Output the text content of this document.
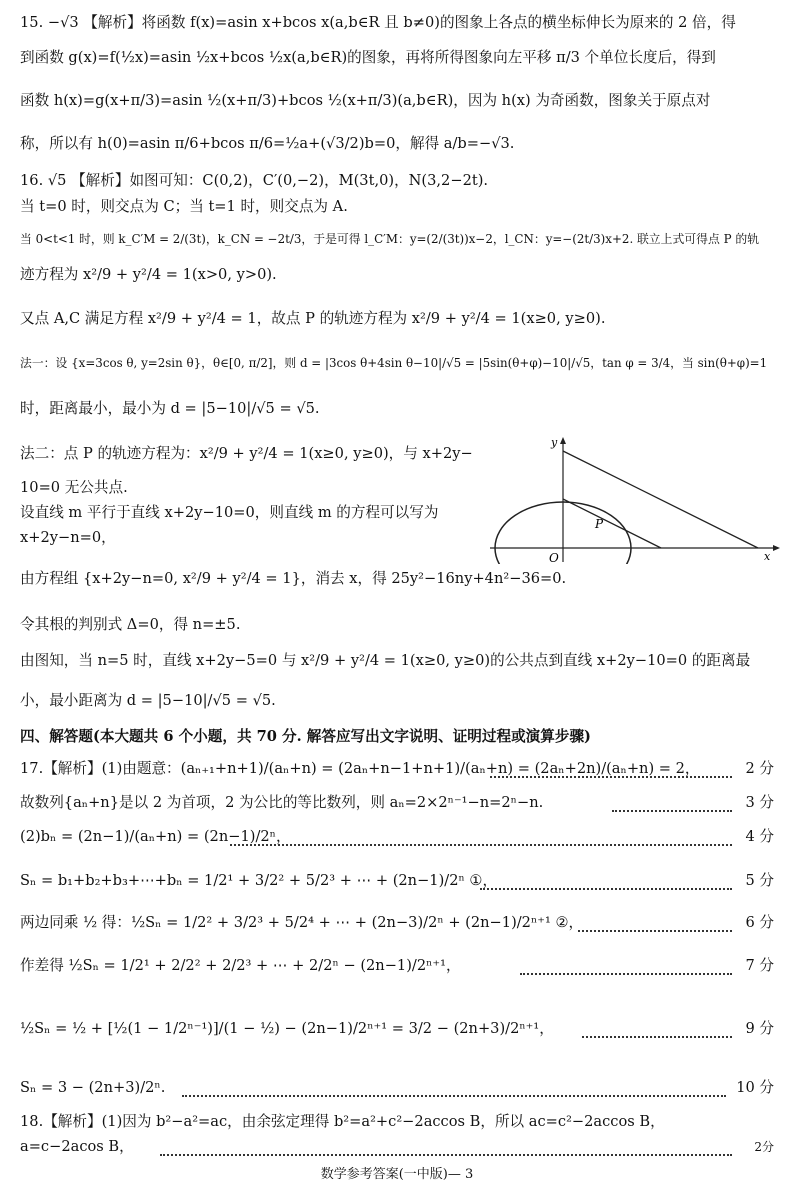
15. −√3 【解析】将函数 f(x)=asin x+bcos x(a,b∈R 且 b≠0)的图象上各点的横坐标伸长为原来的 2 倍，得
到函数 g(x)=f(½x)=asin ½x+bcos ½x(a,b∈R)的图象，再将所得图象向左平移 π/3 个单位长度后，得到
函数 h(x)=g(x+π/3)=asin ½(x+π/3)+bcos ½(x+π/3)(a,b∈R)，因为 h(x) 为奇函数，图象关于原点对
称，所以有 h(0)=asin π/6+bcos π/6=½a+(√3/2)b=0，解得 a/b=−√3.
16. √5 【解析】如图可知：C(0,2)，C′(0,−2)，M(3t,0)，N(3,2−2t).
当 t=0 时，则交点为 C；当 t=1 时，则交点为 A.
当 0<t<1 时，则 k_C′M = 2/(3t)，k_CN = −2t/3，于是可得 l_C′M：y=(2/(3t))x−2，l_CN：y=−(2t/3)x+2. 联立上式可得点 P 的轨
迹方程为 x²/9 + y²/4 = 1(x>0, y>0).
又点 A,C 满足方程 x²/9 + y²/4 = 1，故点 P 的轨迹方程为 x²/9 + y²/4 = 1(x≥0, y≥0).
法一：设 {x=3cos θ, y=2sin θ}，θ∈[0, π/2]，则 d = |3cos θ+4sin θ−10|/√5 = |5sin(θ+φ)−10|/√5，tan φ = 3/4，当 sin(θ+φ)=1
时，距离最小，最小为 d = |5−10|/√5 = √5.
法二：点 P 的轨迹方程为：x²/9 + y²/4 = 1(x≥0, y≥0)，与 x+2y−
10=0 无公共点.
设直线 m 平行于直线 x+2y−10=0，则直线 m 的方程可以写为
x+2y−n=0，
由方程组 {x+2y−n=0, x²/9 + y²/4 = 1}，消去 x，得 25y²−16ny+4n²−36=0.
令其根的判别式 Δ=0，得 n=±5.
由图知，当 n=5 时，直线 x+2y−5=0 与 x²/9 + y²/4 = 1(x≥0, y≥0)的公共点到直线 x+2y−10=0 的距离最
小，最小距离为 d = |5−10|/√5 = √5.
y
x
O
P
四、解答题(本大题共 6 个小题，共 70 分. 解答应写出文字说明、证明过程或演算步骤)
17.【解析】(1)由题意：(aₙ₊₁+n+1)/(aₙ+n) = (2aₙ+n−1+n+1)/(aₙ+n) = (2aₙ+2n)/(aₙ+n) = 2，	2 分
故数列{aₙ+n}是以 2 为首项，2 为公比的等比数列，则 aₙ=2×2ⁿ⁻¹−n=2ⁿ−n.	3 分
(2)bₙ = (2n−1)/(aₙ+n) = (2n−1)/2ⁿ，	4 分
Sₙ = b₁+b₂+b₃+⋯+bₙ = 1/2¹ + 3/2² + 5/2³ + ⋯ + (2n−1)/2ⁿ ①，	5 分
两边同乘 ½ 得：½Sₙ = 1/2² + 3/2³ + 5/2⁴ + ⋯ + (2n−3)/2ⁿ + (2n−1)/2ⁿ⁺¹ ②，	6 分
作差得 ½Sₙ = 1/2¹ + 2/2² + 2/2³ + ⋯ + 2/2ⁿ − (2n−1)/2ⁿ⁺¹，	7 分
½Sₙ = ½ + [½(1 − 1/2ⁿ⁻¹)]/(1 − ½) − (2n−1)/2ⁿ⁺¹ = 3/2 − (2n+3)/2ⁿ⁺¹，	9 分
Sₙ = 3 − (2n+3)/2ⁿ.	10 分
18.【解析】(1)因为 b²−a²=ac，由余弦定理得 b²=a²+c²−2accos B，所以 ac=c²−2accos B，
a=c−2acos B，	2分
数学参考答案(一中版)— 3
